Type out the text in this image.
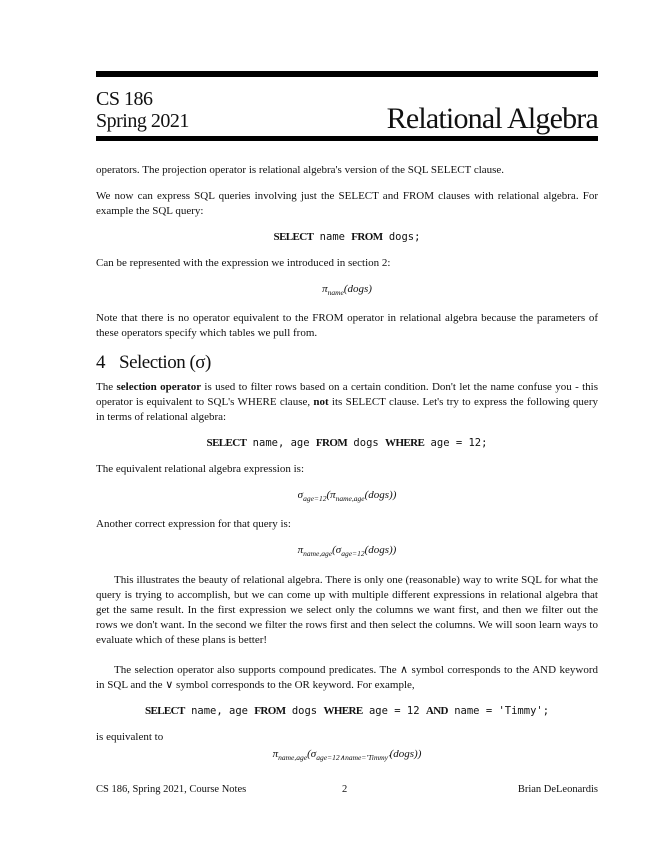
CS 186
Spring 2021	Relational Algebra

operators. The projection operator is relational algebra's version of the SQL SELECT clause.

We now can express SQL queries involving just the SELECT and FROM clauses with relational algebra. For example the SQL query:

SELECT name FROM dogs;

Can be represented with the expression we introduced in section 2:

$\pi_{name}(dogs)$

Note that there is no operator equivalent to the FROM operator in relational algebra because the parameters of these operators specify which tables we pull from.

4 Selection (σ)

The selection operator is used to filter rows based on a certain condition. Don't let the name confuse you - this operator is equivalent to SQL's WHERE clause, not its SELECT clause. Let's try to express the following query in terms of relational algebra:

SELECT name, age FROM dogs WHERE age = 12;

The equivalent relational algebra expression is:

$\sigma_{age=12}(\pi_{name,age}(dogs))$

Another correct expression for that query is:

$\pi_{name,age}(\sigma_{age=12}(dogs))$

This illustrates the beauty of relational algebra. There is only one (reasonable) way to write SQL for what the query is trying to accomplish, but we can come up with multiple different expressions in relational algebra that get the same result. In the first expression we select only the columns we want first, and then we filter out the rows we don't want. In the second we filter the rows first and then select the columns. We will soon learn ways to evaluate which of these plans is better!

The selection operator also supports compound predicates. The ∧ symbol corresponds to the AND keyword in SQL and the ∨ symbol corresponds to the OR keyword. For example,

SELECT name, age FROM dogs WHERE age = 12 AND name = 'Timmy';

is equivalent to

$\pi_{name,age}(\sigma_{age=12\wedge name='Timmy'}(dogs))$

CS 186, Spring 2021, Course Notes	2	Brian DeLeonardis
